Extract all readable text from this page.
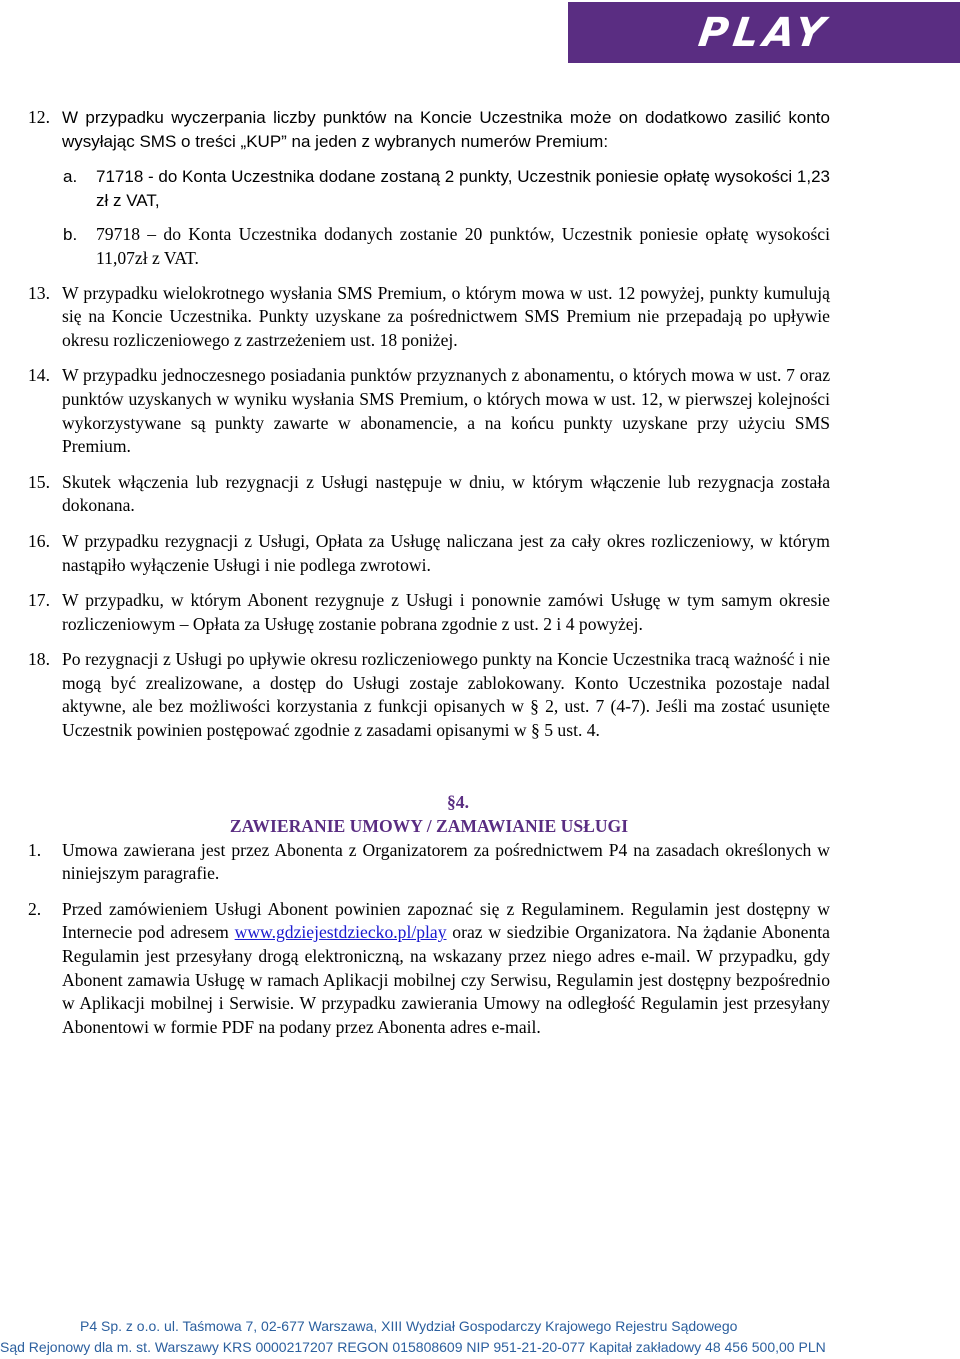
PLAY
12. W przypadku wyczerpania liczby punktów na Koncie Uczestnika może on dodatkowo zasilić konto wysyłając SMS o treści „KUP” na jeden z wybranych numerów Premium:
a. 71718 - do Konta Uczestnika dodane zostaną 2 punkty, Uczestnik poniesie opłatę wysokości 1,23 zł z VAT,
b. 79718 – do Konta Uczestnika dodanych zostanie 20 punktów, Uczestnik poniesie opłatę wysokości 11,07zł z VAT.
13. W przypadku wielokrotnego wysłania SMS Premium, o którym mowa w ust. 12 powyżej, punkty kumulują się na Koncie Uczestnika. Punkty uzyskane za pośrednictwem SMS Premium nie przepadają po upływie okresu rozliczeniowego z zastrzeżeniem ust. 18 poniżej.
14. W przypadku jednoczesnego posiadania punktów przyznanych z abonamentu, o których mowa w ust. 7 oraz punktów uzyskanych w wyniku wysłania SMS Premium, o których mowa w ust. 12, w pierwszej kolejności wykorzystywane są punkty zawarte w abonamencie, a na końcu punkty uzyskane przy użyciu SMS Premium.
15. Skutek włączenia lub rezygnacji z Usługi następuje w dniu, w którym włączenie lub rezygnacja została dokonana.
16. W przypadku rezygnacji z Usługi, Opłata za Usługę naliczana jest za cały okres rozliczeniowy, w którym nastąpiło wyłączenie Usługi i nie podlega zwrotowi.
17. W przypadku, w którym Abonent rezygnuje z Usługi i ponownie zamówi Usługę w tym samym okresie rozliczeniowym – Opłata za Usługę zostanie pobrana zgodnie z ust. 2 i 4 powyżej.
18. Po rezygnacji z Usługi po upływie okresu rozliczeniowego punkty na Koncie Uczestnika tracą ważność i nie mogą być zrealizowane, a dostęp do Usługi zostaje zablokowany. Konto Uczestnika pozostaje nadal aktywne, ale bez możliwości korzystania z funkcji opisanych w § 2, ust. 7 (4-7). Jeśli ma zostać usunięte Uczestnik powinien postępować zgodnie z zasadami opisanymi w § 5 ust. 4.
§4.
ZAWIERANIE UMOWY / ZAMAWIANIE USŁUGI
1. Umowa zawierana jest przez Abonenta z Organizatorem za pośrednictwem P4 na zasadach określonych w niniejszym paragrafie.
2. Przed zamówieniem Usługi Abonent powinien zapoznać się z Regulaminem. Regulamin jest dostępny w Internecie pod adresem www.gdziejestdziecko.pl/play oraz w siedzibie Organizatora. Na żądanie Abonenta Regulamin jest przesyłany drogą elektroniczną, na wskazany przez niego adres e-mail. W przypadku, gdy Abonent zamawia Usługę w ramach Aplikacji mobilnej czy Serwisu, Regulamin jest dostępny bezpośrednio w Aplikacji mobilnej i Serwisie. W przypadku zawierania Umowy na odległość Regulamin jest przesyłany Abonentowi w formie PDF na podany przez Abonenta adres e-mail.
P4 Sp. z o.o. ul. Taśmowa 7, 02-677 Warszawa, XIII Wydział Gospodarczy Krajowego Rejestru Sądowego
Sąd Rejonowy dla m. st. Warszawy KRS 0000217207 REGON 015808609 NIP 951-21-20-077 Kapitał zakładowy 48 456 500,00 PLN
